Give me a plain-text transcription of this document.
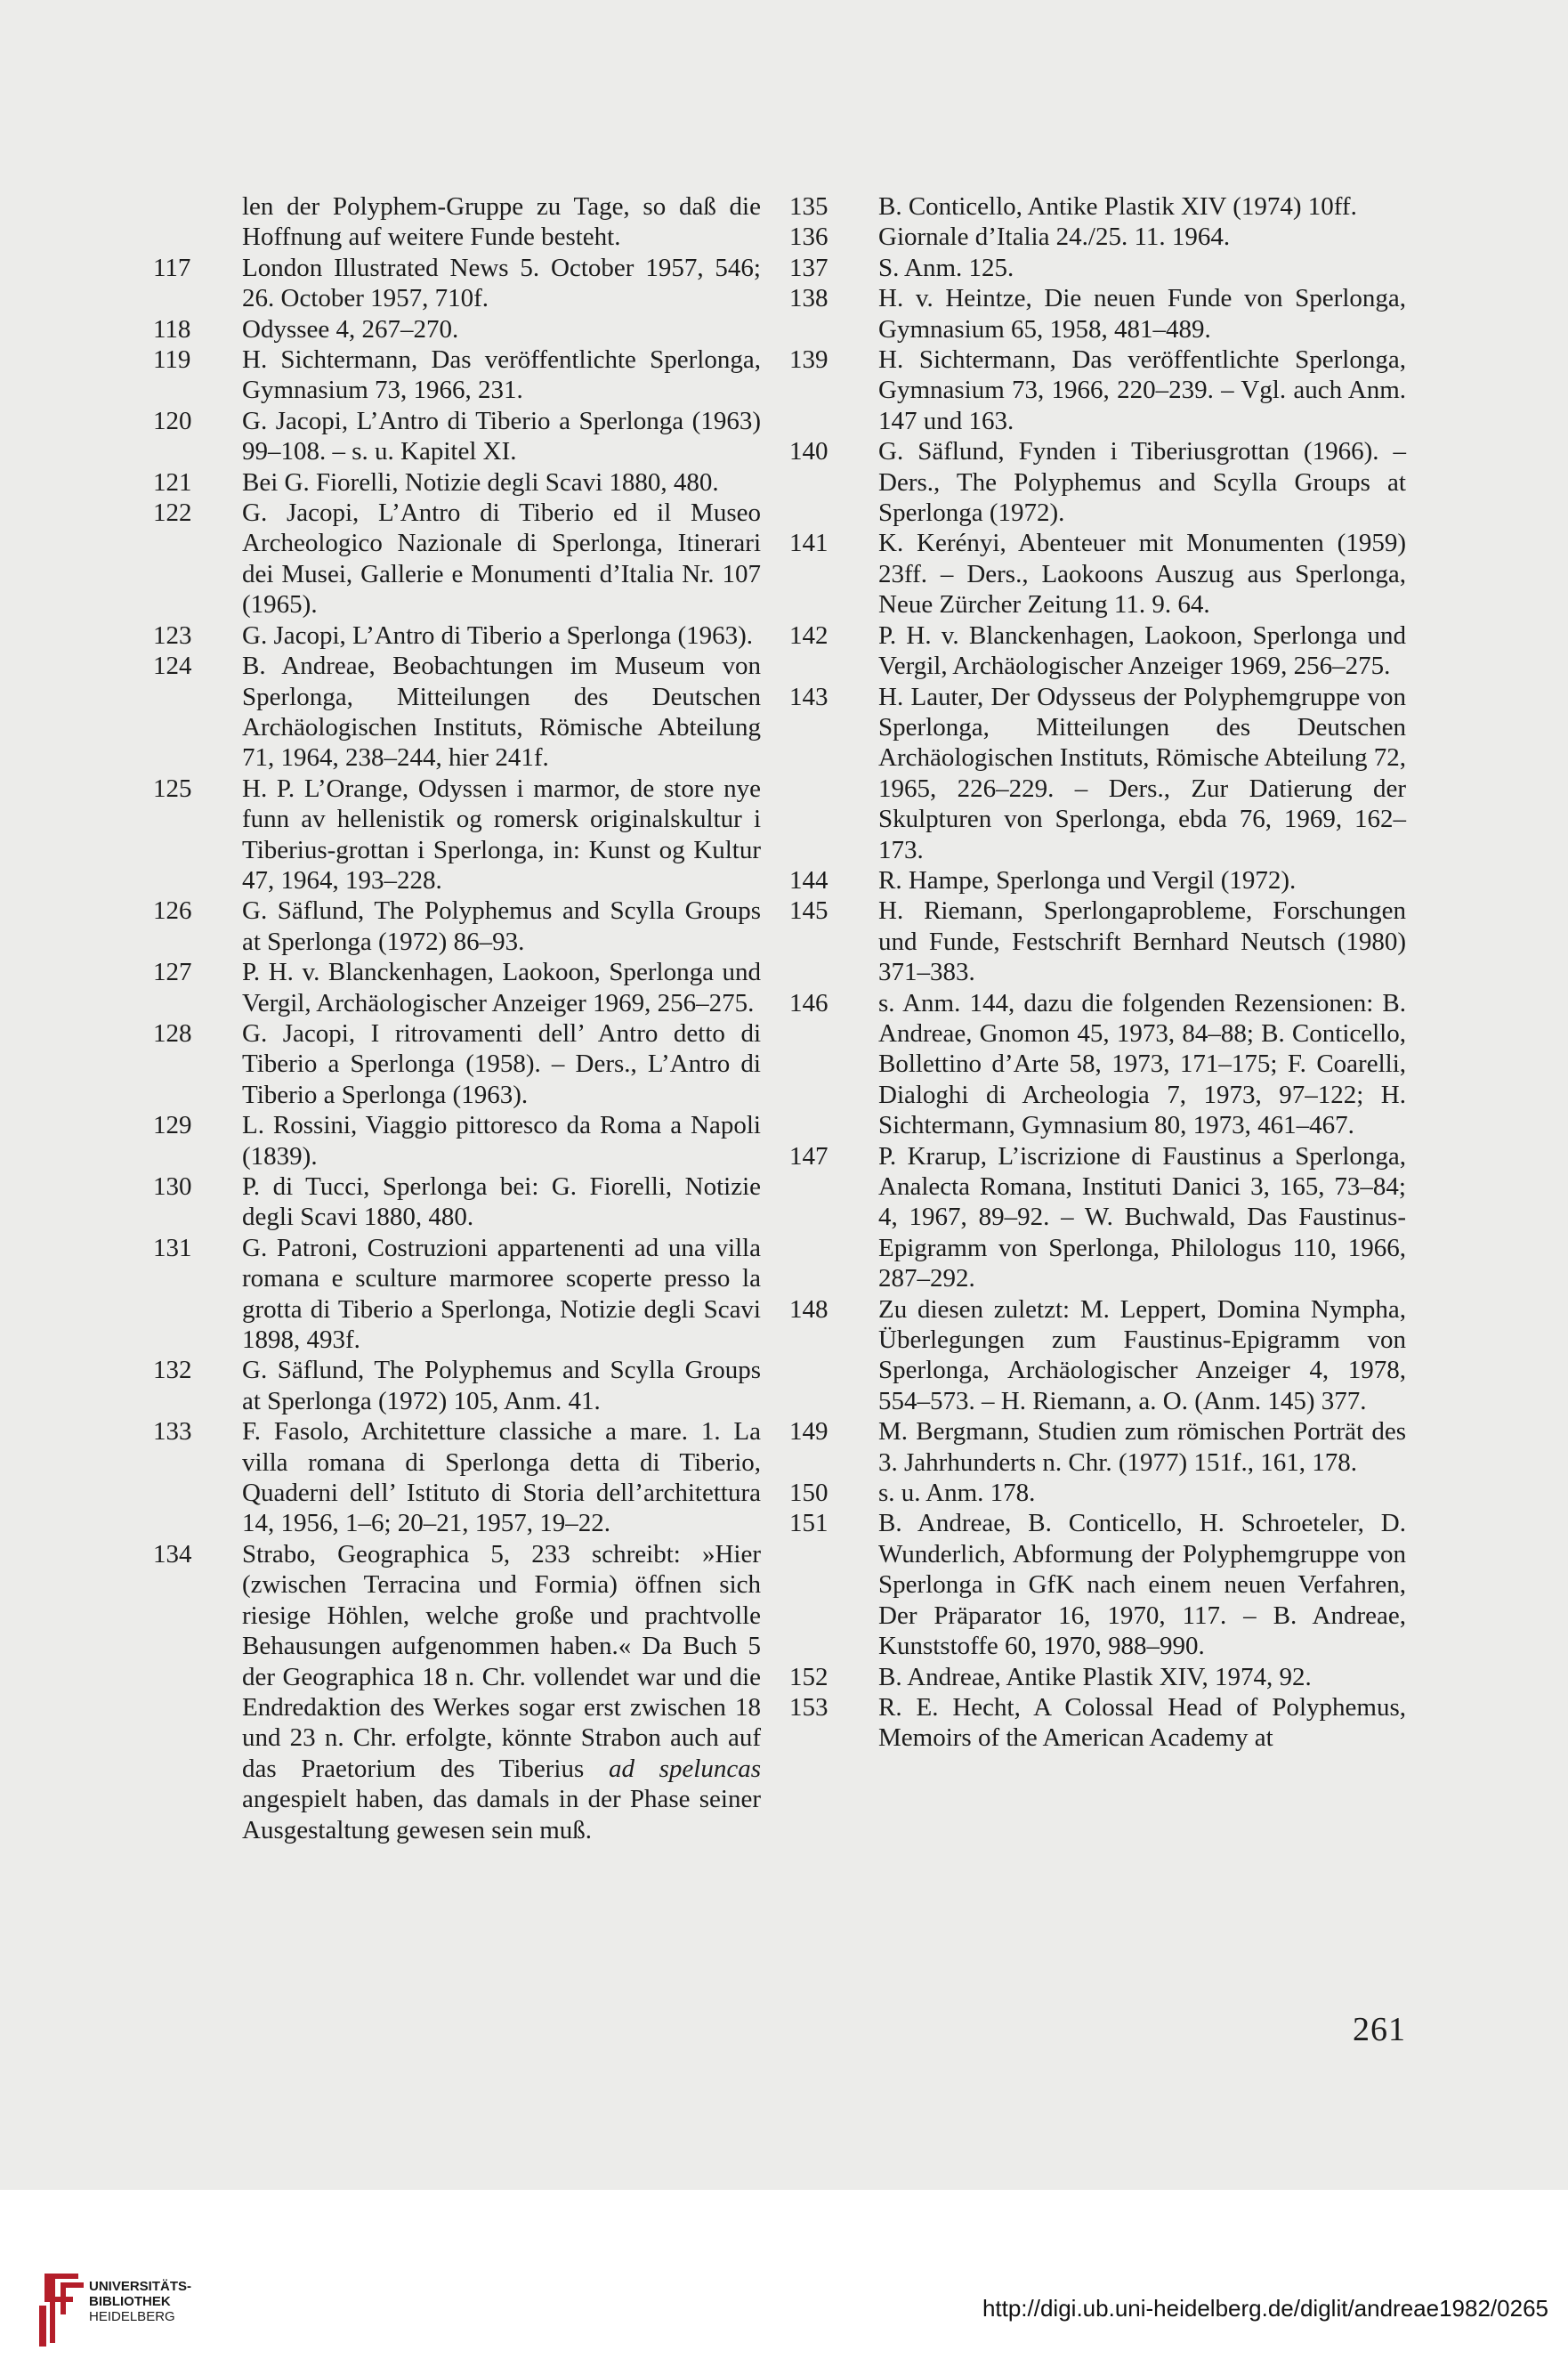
len der Polyphem-Gruppe zu Tage, so daß die Hoffnung auf weitere Funde besteht.
117	London Illustrated News 5. October 1957, 546; 26. October 1957, 710f.
118	Odyssee 4, 267–270.
119	H. Sichtermann, Das veröffentlichte Sperlonga, Gymnasium 73, 1966, 231.
120	G. Jacopi, L’Antro di Tiberio a Sperlonga (1963) 99–108. – s. u. Kapitel XI.
121	Bei G. Fiorelli, Notizie degli Scavi 1880, 480.
122	G. Jacopi, L’Antro di Tiberio ed il Museo Archeologico Nazionale di Sperlonga, Itinerari dei Musei, Gallerie e Monumenti d’Italia Nr. 107 (1965).
123	G. Jacopi, L’Antro di Tiberio a Sperlonga (1963).
124	B. Andreae, Beobachtungen im Museum von Sperlonga, Mitteilungen des Deutschen Archäologischen Instituts, Römische Abteilung 71, 1964, 238–244, hier 241f.
125	H. P. L’Orange, Odyssen i marmor, de store nye funn av hellenistik og romersk originalskultur i Tiberius-grottan i Sperlonga, in: Kunst og Kultur 47, 1964, 193–228.
126	G. Säflund, The Polyphemus and Scylla Groups at Sperlonga (1972) 86–93.
127	P. H. v. Blanckenhagen, Laokoon, Sperlonga und Vergil, Archäologischer Anzeiger 1969, 256–275.
128	G. Jacopi, I ritrovamenti dell’ Antro detto di Tiberio a Sperlonga (1958). – Ders., L’Antro di Tiberio a Sperlonga (1963).
129	L. Rossini, Viaggio pittoresco da Roma a Napoli (1839).
130	P. di Tucci, Sperlonga bei: G. Fiorelli, Notizie degli Scavi 1880, 480.
131	G. Patroni, Costruzioni appartenenti ad una villa romana e sculture marmoree scoperte presso la grotta di Tiberio a Sperlonga, Notizie degli Scavi 1898, 493f.
132	G. Säflund, The Polyphemus and Scylla Groups at Sperlonga (1972) 105, Anm. 41.
133	F. Fasolo, Architetture classiche a mare. 1. La villa romana di Sperlonga detta di Tiberio, Quaderni dell’ Istituto di Storia dell’architettura 14, 1956, 1–6; 20–21, 1957, 19–22.
134	Strabo, Geographica 5, 233 schreibt: »Hier (zwischen Terracina und Formia) öffnen sich riesige Höhlen, welche große und prachtvolle Behausungen aufgenommen haben.« Da Buch 5 der Geographica 18 n. Chr. vollendet war und die Endredaktion des Werkes sogar erst zwischen 18 und 23 n. Chr. erfolgte, könnte Strabon auch auf das Praetorium des Tiberius ad speluncas angespielt haben, das damals in der Phase seiner Ausgestaltung gewesen sein muß.
135	B. Conticello, Antike Plastik XIV (1974) 10ff.
136	Giornale d’Italia 24./25. 11. 1964.
137	S. Anm. 125.
138	H. v. Heintze, Die neuen Funde von Sperlonga, Gymnasium 65, 1958, 481–489.
139	H. Sichtermann, Das veröffentlichte Sperlonga, Gymnasium 73, 1966, 220–239. – Vgl. auch Anm. 147 und 163.
140	G. Säflund, Fynden i Tiberiusgrottan (1966). – Ders., The Polyphemus and Scylla Groups at Sperlonga (1972).
141	K. Kerényi, Abenteuer mit Monumenten (1959) 23ff. – Ders., Laokoons Auszug aus Sperlonga, Neue Zürcher Zeitung 11. 9. 64.
142	P. H. v. Blanckenhagen, Laokoon, Sperlonga und Vergil, Archäologischer Anzeiger 1969, 256–275.
143	H. Lauter, Der Odysseus der Polyphemgruppe von Sperlonga, Mitteilungen des Deutschen Archäologischen Instituts, Römische Abteilung 72, 1965, 226–229. – Ders., Zur Datierung der Skulpturen von Sperlonga, ebda 76, 1969, 162–173.
144	R. Hampe, Sperlonga und Vergil (1972).
145	H. Riemann, Sperlongaprobleme, Forschungen und Funde, Festschrift Bernhard Neutsch (1980) 371–383.
146	s. Anm. 144, dazu die folgenden Rezensionen: B. Andreae, Gnomon 45, 1973, 84–88; B. Conticello, Bollettino d’Arte 58, 1973, 171–175; F. Coarelli, Dialoghi di Archeologia 7, 1973, 97–122; H. Sichtermann, Gymnasium 80, 1973, 461–467.
147	P. Krarup, L’iscrizione di Faustinus a Sperlonga, Analecta Romana, Instituti Danici 3, 165, 73–84; 4, 1967, 89–92. – W. Buchwald, Das Faustinus-Epigramm von Sperlonga, Philologus 110, 1966, 287–292.
148	Zu diesen zuletzt: M. Leppert, Domina Nympha, Überlegungen zum Faustinus-Epigramm von Sperlonga, Archäologischer Anzeiger 4, 1978, 554–573. – H. Riemann, a. O. (Anm. 145) 377.
149	M. Bergmann, Studien zum römischen Porträt des 3. Jahrhunderts n. Chr. (1977) 151f., 161, 178.
150	s. u. Anm. 178.
151	B. Andreae, B. Conticello, H. Schroeteler, D. Wunderlich, Abformung der Polyphemgruppe von Sperlonga in GfK nach einem neuen Verfahren, Der Präparator 16, 1970, 117. – B. Andreae, Kunststoffe 60, 1970, 988–990.
152	B. Andreae, Antike Plastik XIV, 1974, 92.
153	R. E. Hecht, A Colossal Head of Polyphemus, Memoirs of the American Academy at
261
UNIVERSITÄTS-
BIBLIOTHEK
HEIDELBERG	http://digi.ub.uni-heidelberg.de/diglit/andreae1982/0265
